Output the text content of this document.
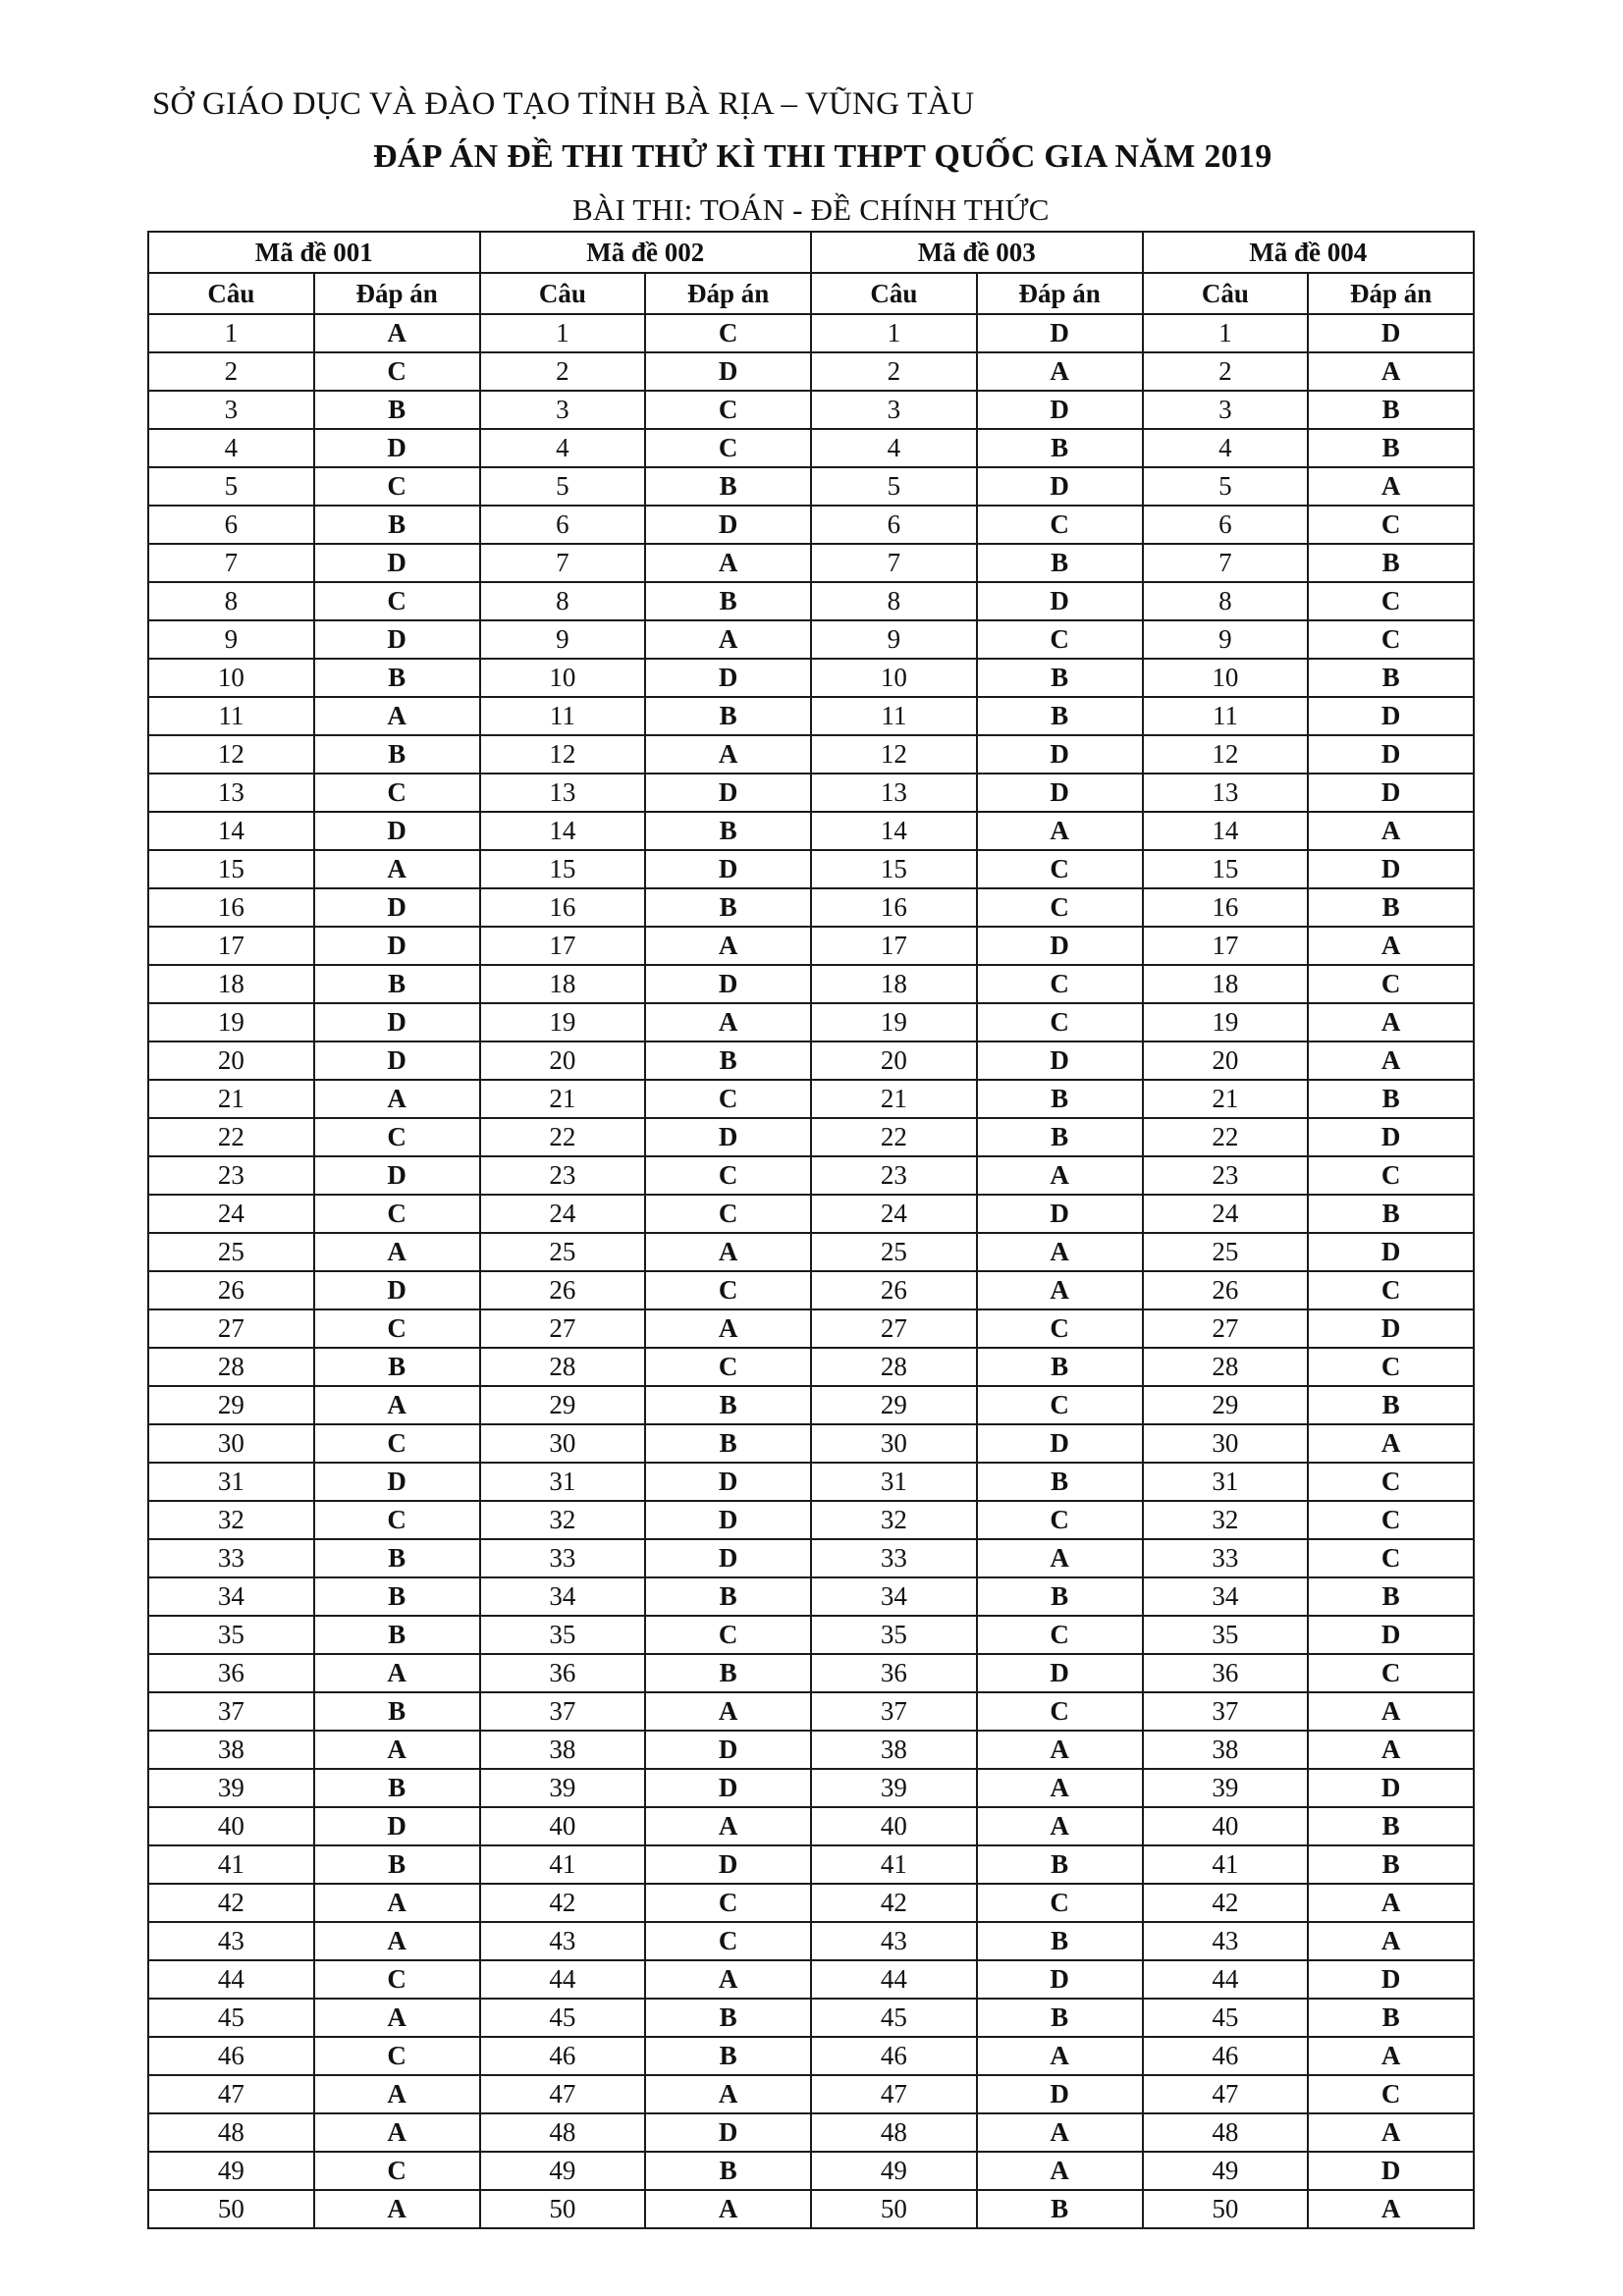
SỞ GIÁO DỤC VÀ ĐÀO TẠO TỈNH BÀ RỊA – VŨNG TÀU
ĐÁP ÁN ĐỀ THI THỬ KÌ THI THPT QUỐC GIA NĂM 2019
BÀI THI: TOÁN - ĐỀ CHÍNH THỨC
Mã đề 001		Mã đề 002		Mã đề 003		Mã đề 004	
Câu	Đáp án	Câu	Đáp án	Câu	Đáp án	Câu	Đáp án
1	A	1	C	1	D	1	D
2	C	2	D	2	A	2	A
3	B	3	C	3	D	3	B
4	D	4	C	4	B	4	B
5	C	5	B	5	D	5	A
6	B	6	D	6	C	6	C
7	D	7	A	7	B	7	B
8	C	8	B	8	D	8	C
9	D	9	A	9	C	9	C
10	B	10	D	10	B	10	B
11	A	11	B	11	B	11	D
12	B	12	A	12	D	12	D
13	C	13	D	13	D	13	D
14	D	14	B	14	A	14	A
15	A	15	D	15	C	15	D
16	D	16	B	16	C	16	B
17	D	17	A	17	D	17	A
18	B	18	D	18	C	18	C
19	D	19	A	19	C	19	A
20	D	20	B	20	D	20	A
21	A	21	C	21	B	21	B
22	C	22	D	22	B	22	D
23	D	23	C	23	A	23	C
24	C	24	C	24	D	24	B
25	A	25	A	25	A	25	D
26	D	26	C	26	A	26	C
27	C	27	A	27	C	27	D
28	B	28	C	28	B	28	C
29	A	29	B	29	C	29	B
30	C	30	B	30	D	30	A
31	D	31	D	31	B	31	C
32	C	32	D	32	C	32	C
33	B	33	D	33	A	33	C
34	B	34	B	34	B	34	B
35	B	35	C	35	C	35	D
36	A	36	B	36	D	36	C
37	B	37	A	37	C	37	A
38	A	38	D	38	A	38	A
39	B	39	D	39	A	39	D
40	D	40	A	40	A	40	B
41	B	41	D	41	B	41	B
42	A	42	C	42	C	42	A
43	A	43	C	43	B	43	A
44	C	44	A	44	D	44	D
45	A	45	B	45	B	45	B
46	C	46	B	46	A	46	A
47	A	47	A	47	D	47	C
48	A	48	D	48	A	48	A
49	C	49	B	49	A	49	D
50	A	50	A	50	B	50	A
